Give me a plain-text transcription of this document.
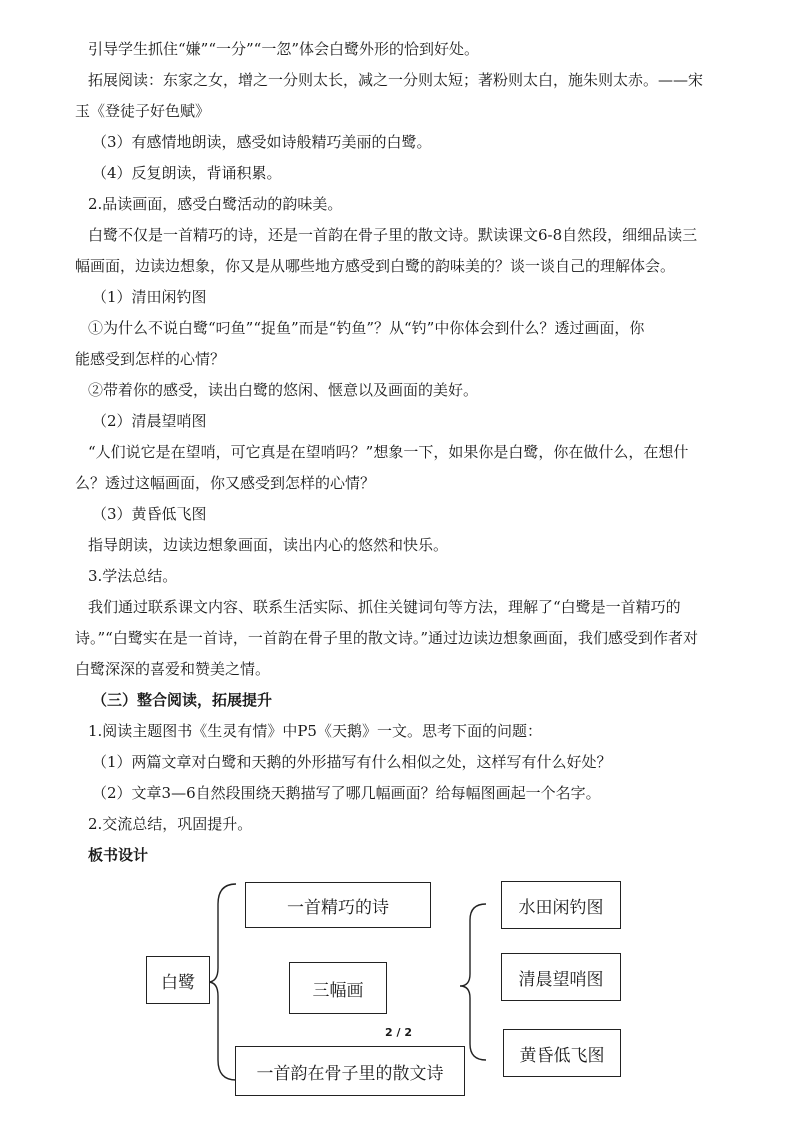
引导学生抓住“嫌”“一分”“一忽”体会白鹭外形的恰到好处。

拓展阅读：东家之女，增之一分则太长，减之一分则太短；著粉则太白，施朱则太赤。——宋

玉《登徒子好色赋》

（3）有感情地朗读，感受如诗般精巧美丽的白鹭。

（4）反复朗读，背诵积累。

2.品读画面，感受白鹭活动的韵味美。

白鹭不仅是一首精巧的诗，还是一首韵在骨子里的散文诗。默读课文6-8自然段，细细品读三

幅画面，边读边想象，你又是从哪些地方感受到白鹭的韵味美的？谈一谈自己的理解体会。

（1）清田闲钓图

①为什么不说白鹭“叼鱼”“捉鱼”而是“钓鱼”？从“钓”中你体会到什么？透过画面，你

能感受到怎样的心情？

②带着你的感受，读出白鹭的悠闲、惬意以及画面的美好。

（2）清晨望哨图

“人们说它是在望哨，可它真是在望哨吗？”想象一下，如果你是白鹭，你在做什么，在想什

么？透过这幅画面，你又感受到怎样的心情？

（3）黄昏低飞图

指导朗读，边读边想象画面，读出内心的悠然和快乐。

3.学法总结。

我们通过联系课文内容、联系生活实际、抓住关键词句等方法，理解了“白鹭是一首精巧的

诗。”“白鹭实在是一首诗，一首韵在骨子里的散文诗。”通过边读边想象画面，我们感受到作者对

白鹭深深的喜爱和赞美之情。

（三）整合阅读，拓展提升

1.阅读主题图书《生灵有情》中P5《天鹅》一文。思考下面的问题：

（1）两篇文章对白鹭和天鹅的外形描写有什么相似之处，这样写有什么好处？

（2）文章3—6自然段围绕天鹅描写了哪几幅画面？给每幅图画起一个名字。

2.交流总结，巩固提升。

板书设计

白鹭
一首精巧的诗
三幅画
一首韵在骨子里的散文诗
水田闲钓图
清晨望哨图
黄昏低飞图
2 / 2
